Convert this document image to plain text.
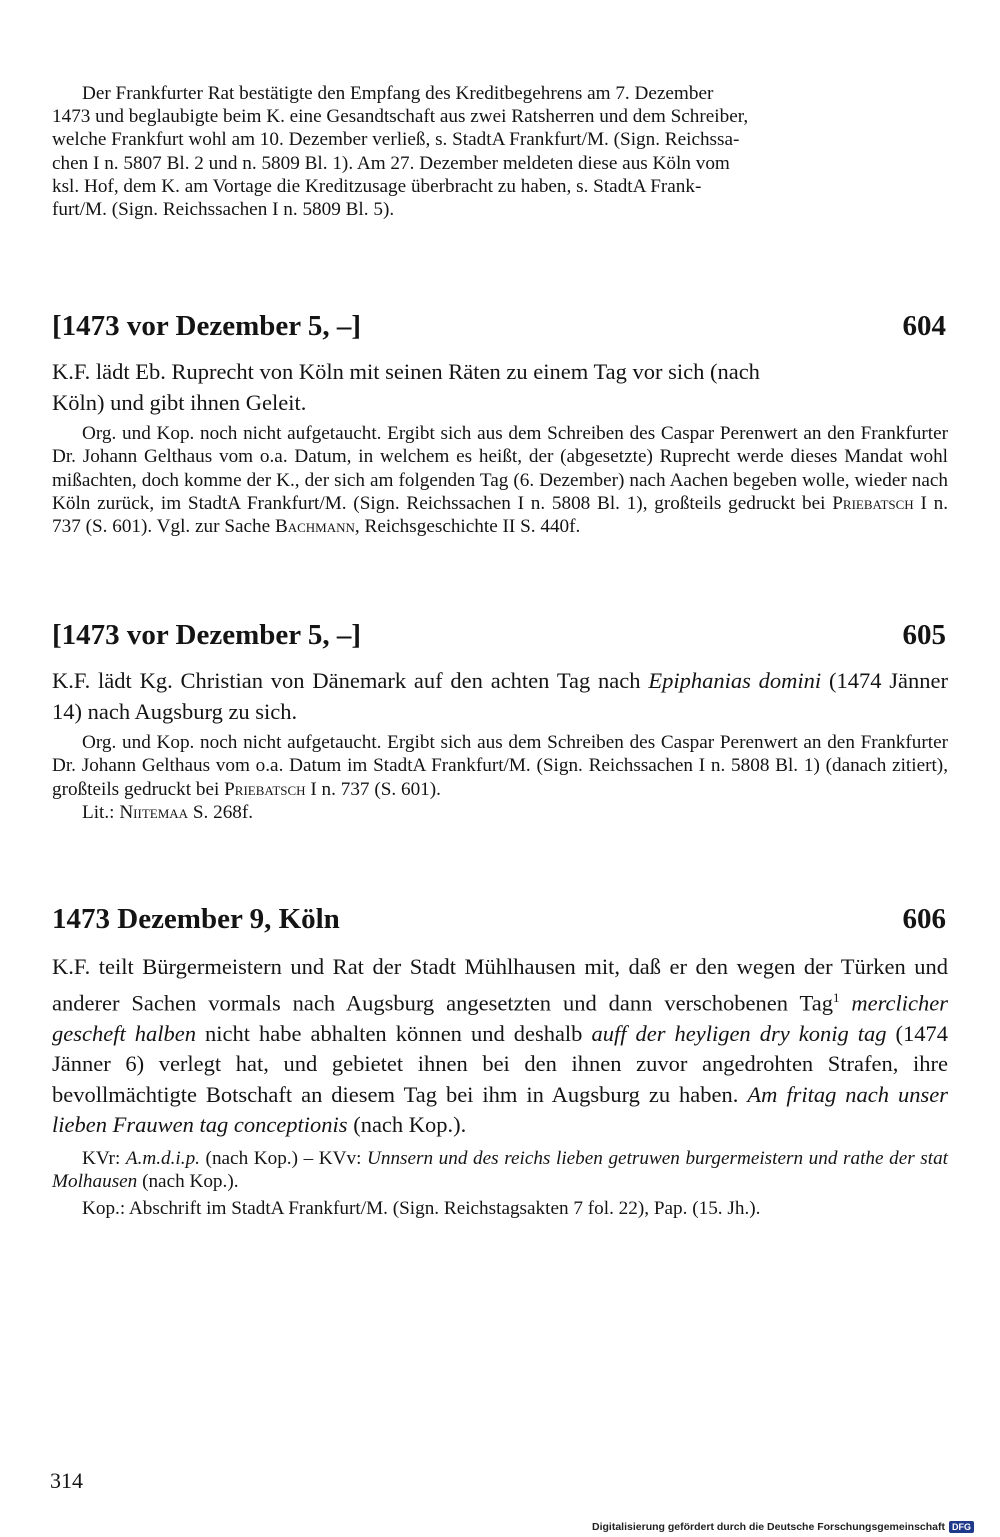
Der Frankfurter Rat bestätigte den Empfang des Kreditbegehrens am 7. Dezember
1473 und beglaubigte beim K. eine Gesandtschaft aus zwei Ratsherren und dem Schreiber,
welche Frankfurt wohl am 10. Dezember verließ, s. StadtA Frankfurt/M. (Sign. Reichssa-
chen I n. 5807 Bl. 2 und n. 5809 Bl. 1). Am 27. Dezember meldeten diese aus Köln vom
ksl. Hof, dem K. am Vortage die Kreditzusage überbracht zu haben, s. StadtA Frank-
furt/M. (Sign. Reichssachen I n. 5809 Bl. 5).
[1473 vor Dezember 5, –]	604
K.F. lädt Eb. Ruprecht von Köln mit seinen Räten zu einem Tag vor sich (nach
Köln) und gibt ihnen Geleit.

Org. und Kop. noch nicht aufgetaucht. Ergibt sich aus dem Schreiben des Caspar Perenwert an den Frankfurter Dr. Johann Gelthaus vom o.a. Datum, in welchem es heißt, der (abgesetzte) Ruprecht werde dieses Mandat wohl mißachten, doch komme der K., der sich am folgenden Tag (6. Dezember) nach Aachen begeben wolle, wieder nach Köln zurück, im StadtA Frankfurt/M. (Sign. Reichssachen I n. 5808 Bl. 1), großteils gedruckt bei Priebatsch I n. 737 (S. 601). Vgl. zur Sache Bachmann, Reichsgeschichte II S. 440f.

[1473 vor Dezember 5, –]	605

K.F. lädt Kg. Christian von Dänemark auf den achten Tag nach Epiphanias domini (1474 Jänner 14) nach Augsburg zu sich.

Org. und Kop. noch nicht aufgetaucht. Ergibt sich aus dem Schreiben des Caspar Perenwert an den Frankfurter Dr. Johann Gelthaus vom o.a. Datum im StadtA Frankfurt/M. (Sign. Reichssachen I n. 5808 Bl. 1) (danach zitiert), großteils gedruckt bei Priebatsch I n. 737 (S. 601).

Lit.: Niitemaa S. 268f.

1473 Dezember 9, Köln	606

K.F. teilt Bürgermeistern und Rat der Stadt Mühlhausen mit, daß er den wegen der Türken und anderer Sachen vormals nach Augsburg angesetzten und dann verschobenen Tag$^1$ merclicher gescheft halben nicht habe abhalten können und deshalb auff der heyligen dry konig tag (1474 Jänner 6) verlegt hat, und gebietet ihnen bei den ihnen zuvor angedrohten Strafen, ihre bevollmächtigte Botschaft an diesem Tag bei ihm in Augsburg zu haben. Am fritag nach unser lieben Frauwen tag conceptionis (nach Kop.).

KVr: A.m.d.i.p. (nach Kop.) – KVv: Unnsern und des reichs lieben getruwen burgermeistern und rathe der stat Molhausen (nach Kop.).

Kop.: Abschrift im StadtA Frankfurt/M. (Sign. Reichstagsakten 7 fol. 22), Pap. (15. Jh.).

314
Digitalisierung gefördert durch die Deutsche Forschungsgemeinschaft DFG
